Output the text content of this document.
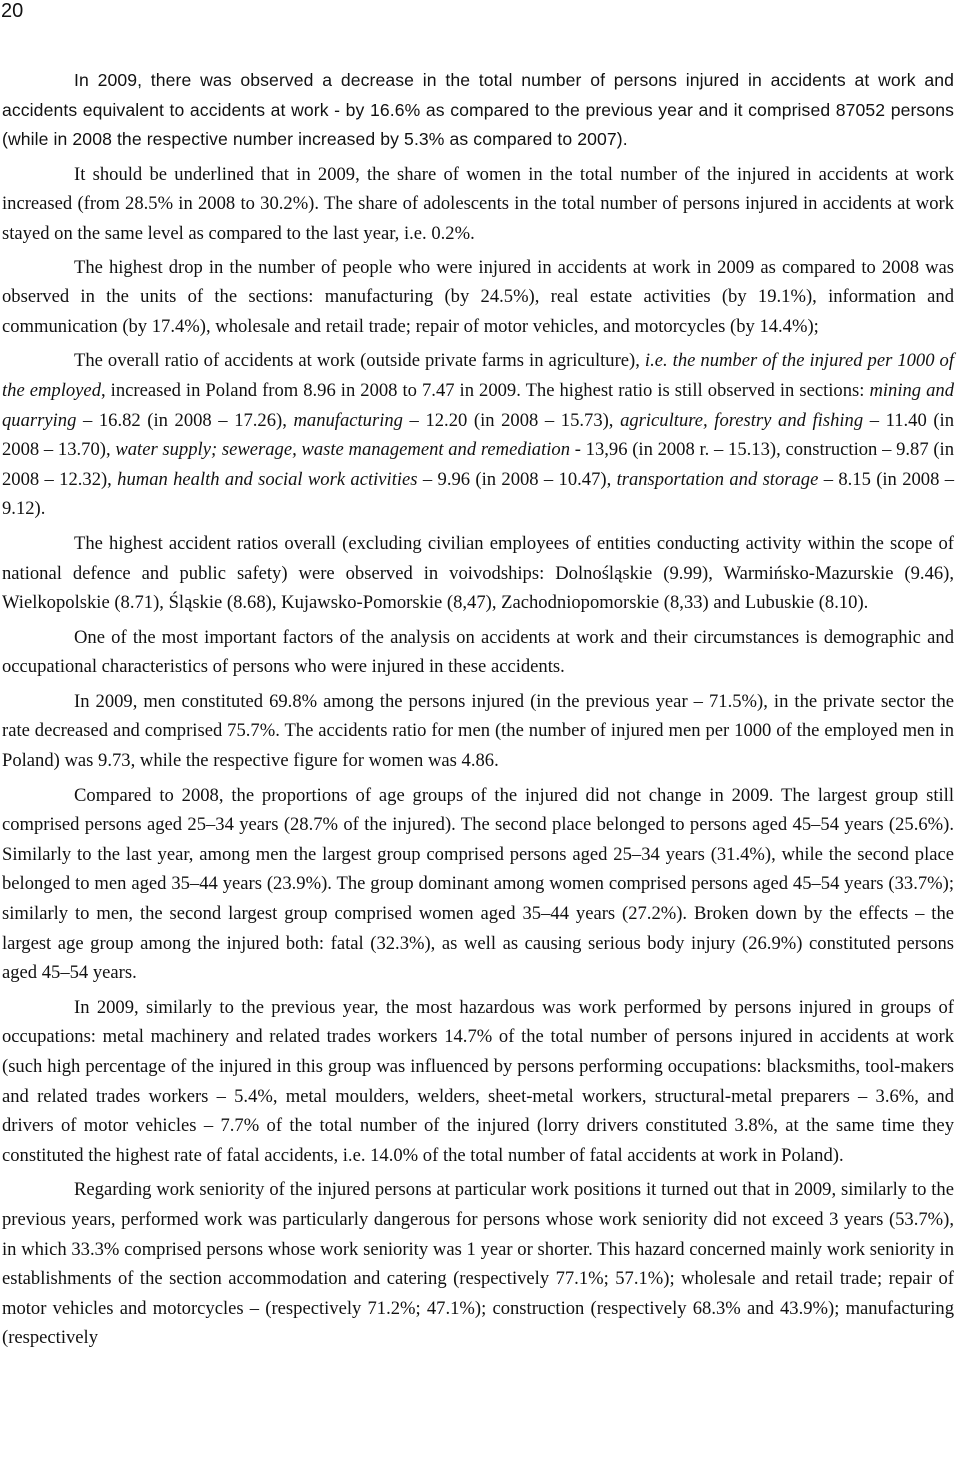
20

In 2009, there was observed a decrease in the total number of persons injured in accidents at work and accidents equivalent to accidents at work - by 16.6% as compared to the previous year and it comprised 87052 persons (while in 2008 the respective number increased by 5.3% as compared to 2007).

It should be underlined that in 2009, the share of women in the total number of the injured in accidents at work increased (from 28.5% in 2008 to 30.2%). The share of adolescents in the total number of persons injured in accidents at work stayed on the same level as compared to the last year, i.e. 0.2%.

The highest drop in the number of people who were injured in accidents at work in 2009 as compared to 2008 was observed in the units of the sections: manufacturing (by 24.5%), real estate activities (by 19.1%), information and communication (by 17.4%), wholesale and retail trade; repair of motor vehicles, and motorcycles (by 14.4%);

The overall ratio of accidents at work (outside private farms in agriculture), i.e. the number of the injured per 1000 of the employed, increased in Poland from 8.96 in 2008 to 7.47 in 2009. The highest ratio is still observed in sections: mining and quarrying – 16.82 (in 2008 – 17.26), manufacturing – 12.20 (in 2008 – 15.73), agriculture, forestry and fishing – 11.40 (in 2008 – 13.70), water supply; sewerage, waste management and remediation - 13,96 (in 2008 r. – 15.13), construction – 9.87 (in 2008 – 12.32), human health and social work activities – 9.96 (in 2008 – 10.47), transportation and storage – 8.15 (in 2008 – 9.12).

The highest accident ratios overall (excluding civilian employees of entities conducting activity within the scope of national defence and public safety) were observed in voivodships: Dolnośląskie (9.99), Warmińsko-Mazurskie (9.46), Wielkopolskie (8.71), Śląskie (8.68), Kujawsko-Pomorskie (8,47), Zachodniopomorskie (8,33) and Lubuskie (8.10).

One of the most important factors of the analysis on accidents at work and their circumstances is demographic and occupational characteristics of persons who were injured in these accidents.

In 2009, men constituted 69.8% among the persons injured (in the previous year – 71.5%), in the private sector the rate decreased and comprised 75.7%. The accidents ratio for men (the number of injured men per 1000 of the employed men in Poland) was 9.73, while the respective figure for women was 4.86.

Compared to 2008, the proportions of age groups of the injured did not change in 2009. The largest group still comprised persons aged 25–34 years (28.7% of the injured). The second place belonged to persons aged 45–54 years (25.6%). Similarly to the last year, among men the largest group comprised persons aged 25–34 years (31.4%), while the second place belonged to men aged 35–44 years (23.9%). The group dominant among women comprised persons aged 45–54 years (33.7%); similarly to men, the second largest group comprised women aged 35–44 years (27.2%). Broken down by the effects – the largest age group among the injured both: fatal (32.3%), as well as causing serious body injury (26.9%) constituted persons aged 45–54 years.

In 2009, similarly to the previous year, the most hazardous was work performed by persons injured in groups of occupations: metal machinery and related trades workers 14.7% of the total number of persons injured in accidents at work (such high percentage of the injured in this group was influenced by persons performing occupations: blacksmiths, tool-makers and related trades workers – 5.4%, metal moulders, welders, sheet-metal workers, structural-metal preparers – 3.6%, and drivers of motor vehicles – 7.7% of the total number of the injured (lorry drivers constituted 3.8%, at the same time they constituted the highest rate of fatal accidents, i.e. 14.0% of the total number of fatal accidents at work in Poland).

Regarding work seniority of the injured persons at particular work positions it turned out that in 2009, similarly to the previous years, performed work was particularly dangerous for persons whose work seniority did not exceed 3 years (53.7%), in which 33.3% comprised persons whose work seniority was 1 year or shorter. This hazard concerned mainly work seniority in establishments of the section accommodation and catering (respectively 77.1%; 57.1%); wholesale and retail trade; repair of motor vehicles and motorcycles – (respectively 71.2%; 47.1%); construction (respectively 68.3% and 43.9%); manufacturing (respectively
